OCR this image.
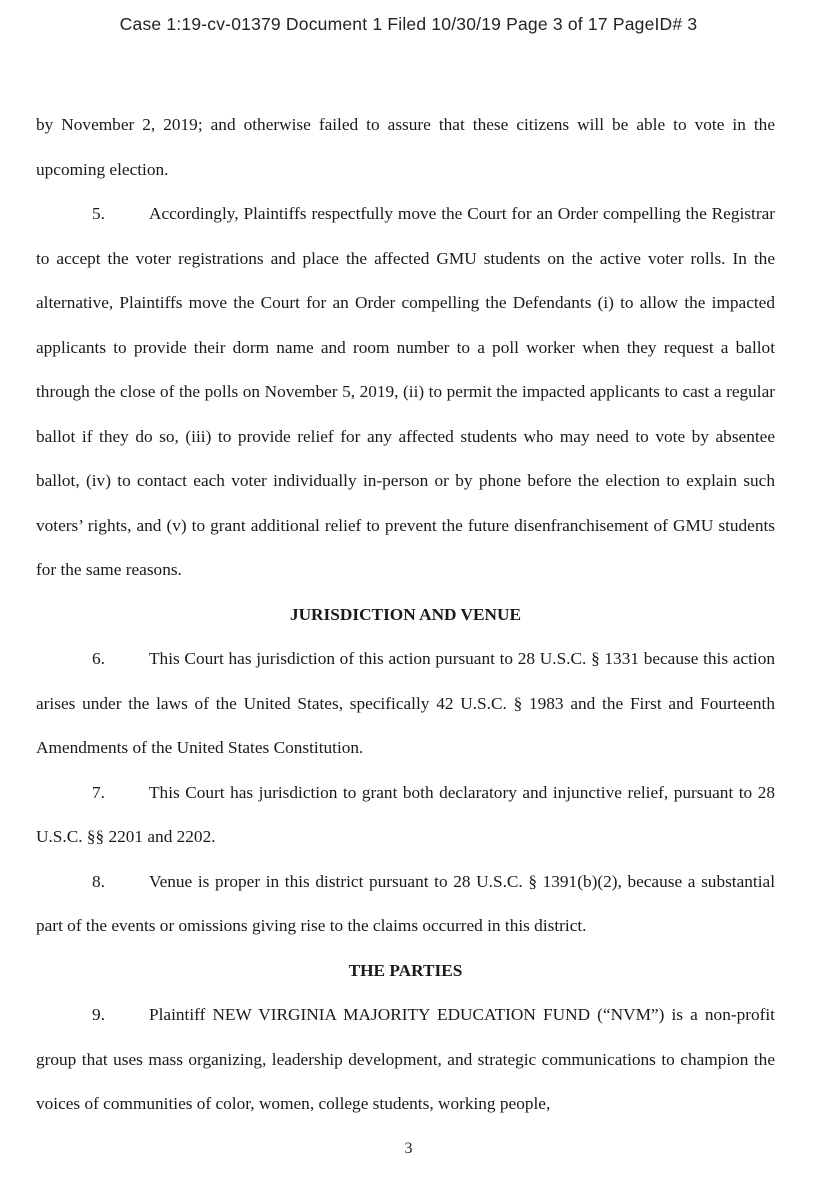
Case 1:19-cv-01379 Document 1 Filed 10/30/19 Page 3 of 17 PageID# 3

by November 2, 2019; and otherwise failed to assure that these citizens will be able to vote in the upcoming election.

5.	Accordingly, Plaintiffs respectfully move the Court for an Order compelling the Registrar to accept the voter registrations and place the affected GMU students on the active voter rolls. In the alternative, Plaintiffs move the Court for an Order compelling the Defendants (i) to allow the impacted applicants to provide their dorm name and room number to a poll worker when they request a ballot through the close of the polls on November 5, 2019, (ii) to permit the impacted applicants to cast a regular ballot if they do so, (iii) to provide relief for any affected students who may need to vote by absentee ballot, (iv) to contact each voter individually in-person or by phone before the election to explain such voters’ rights, and (v) to grant additional relief to prevent the future disenfranchisement of GMU students for the same reasons.

JURISDICTION AND VENUE

6.	This Court has jurisdiction of this action pursuant to 28 U.S.C. § 1331 because this action arises under the laws of the United States, specifically 42 U.S.C. § 1983 and the First and Fourteenth Amendments of the United States Constitution.

7.	This Court has jurisdiction to grant both declaratory and injunctive relief, pursuant to 28 U.S.C. §§ 2201 and 2202.

8.	Venue is proper in this district pursuant to 28 U.S.C. § 1391(b)(2), because a substantial part of the events or omissions giving rise to the claims occurred in this district.

THE PARTIES

9.	Plaintiff NEW VIRGINIA MAJORITY EDUCATION FUND (“NVM”) is a non-profit group that uses mass organizing, leadership development, and strategic communications to champion the voices of communities of color, women, college students, working people,

3
